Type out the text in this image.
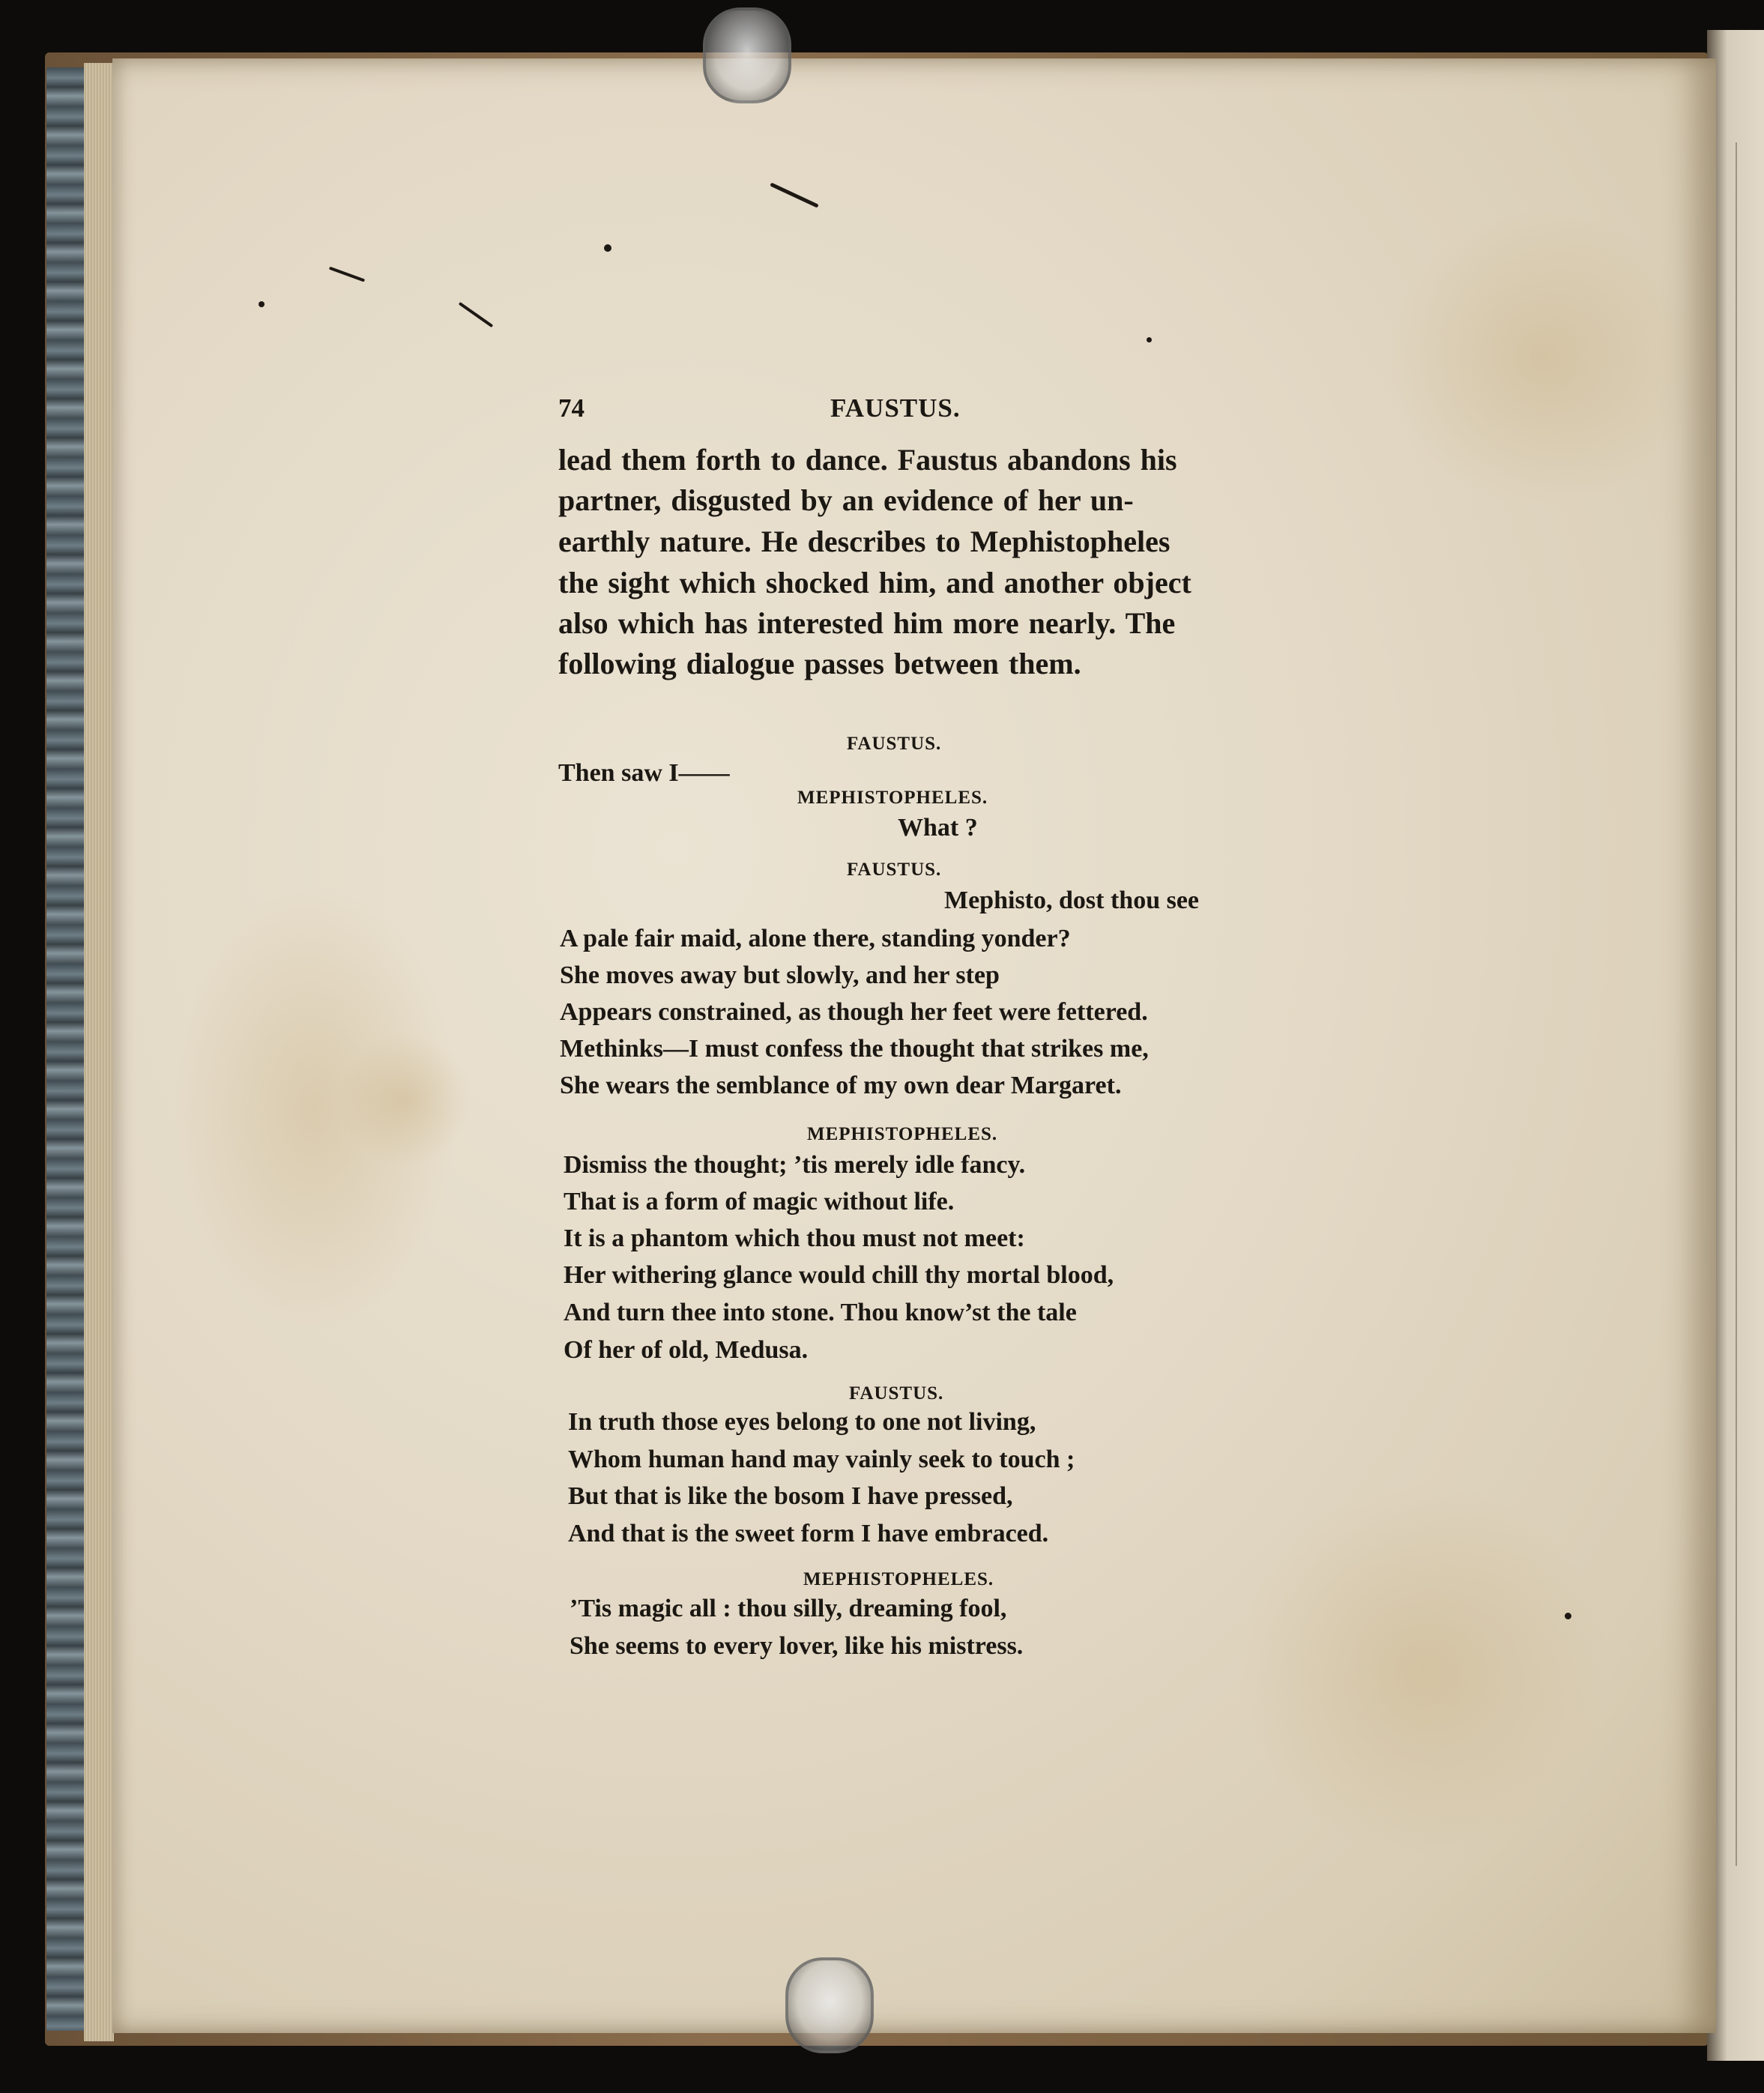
74	FAUSTUS.
lead them forth to dance. Faustus abandons his
partner, disgusted by an evidence of her un-
earthly nature. He describes to Mephistopheles
the sight which shocked him, and another object
also which has interested him more nearly. The
following dialogue passes between them.
FAUSTUS.
Then saw I——
MEPHISTOPHELES.
What ?
FAUSTUS.
Mephisto, dost thou see
A pale fair maid, alone there, standing yonder?
She moves away but slowly, and her step
Appears constrained, as though her feet were fettered.
Methinks—I must confess the thought that strikes me,
She wears the semblance of my own dear Margaret.
MEPHISTOPHELES.
Dismiss the thought; ’tis merely idle fancy.
That is a form of magic without life.
It is a phantom which thou must not meet:
Her withering glance would chill thy mortal blood,
And turn thee into stone. Thou know’st the tale
Of her of old, Medusa.
FAUSTUS.
In truth those eyes belong to one not living,
Whom human hand may vainly seek to touch ;
But that is like the bosom I have pressed,
And that is the sweet form I have embraced.
MEPHISTOPHELES.
’Tis magic all : thou silly, dreaming fool,
She seems to every lover, like his mistress.
